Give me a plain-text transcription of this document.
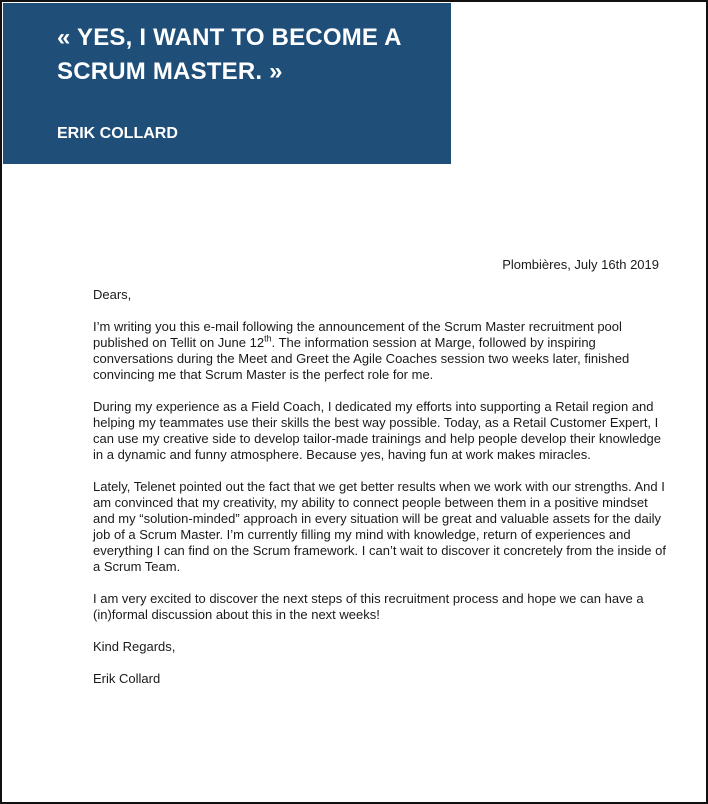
« YES, I WANT TO BECOME A SCRUM MASTER. »
ERIK COLLARD
Plombières, July 16th 2019

Dears,

I’m writing you this e-mail following the announcement of the Scrum Master recruitment pool published on Tellit on June 12th. The information session at Marge, followed by inspiring conversations during the Meet and Greet the Agile Coaches session two weeks later, finished convincing me that Scrum Master is the perfect role for me.

During my experience as a Field Coach, I dedicated my efforts into supporting a Retail region and helping my teammates use their skills the best way possible. Today, as a Retail Customer Expert, I can use my creative side to develop tailor-made trainings and help people develop their knowledge in a dynamic and funny atmosphere. Because yes, having fun at work makes miracles.

Lately, Telenet pointed out the fact that we get better results when we work with our strengths. And I am convinced that my creativity, my ability to connect people between them in a positive mindset and my “solution-minded” approach in every situation will be great and valuable assets for the daily job of a Scrum Master. I’m currently filling my mind with knowledge, return of experiences and everything I can find on the Scrum framework. I can’t wait to discover it concretely from the inside of a Scrum Team.

I am very excited to discover the next steps of this recruitment process and hope we can have a (in)formal discussion about this in the next weeks!

Kind Regards,

Erik Collard
